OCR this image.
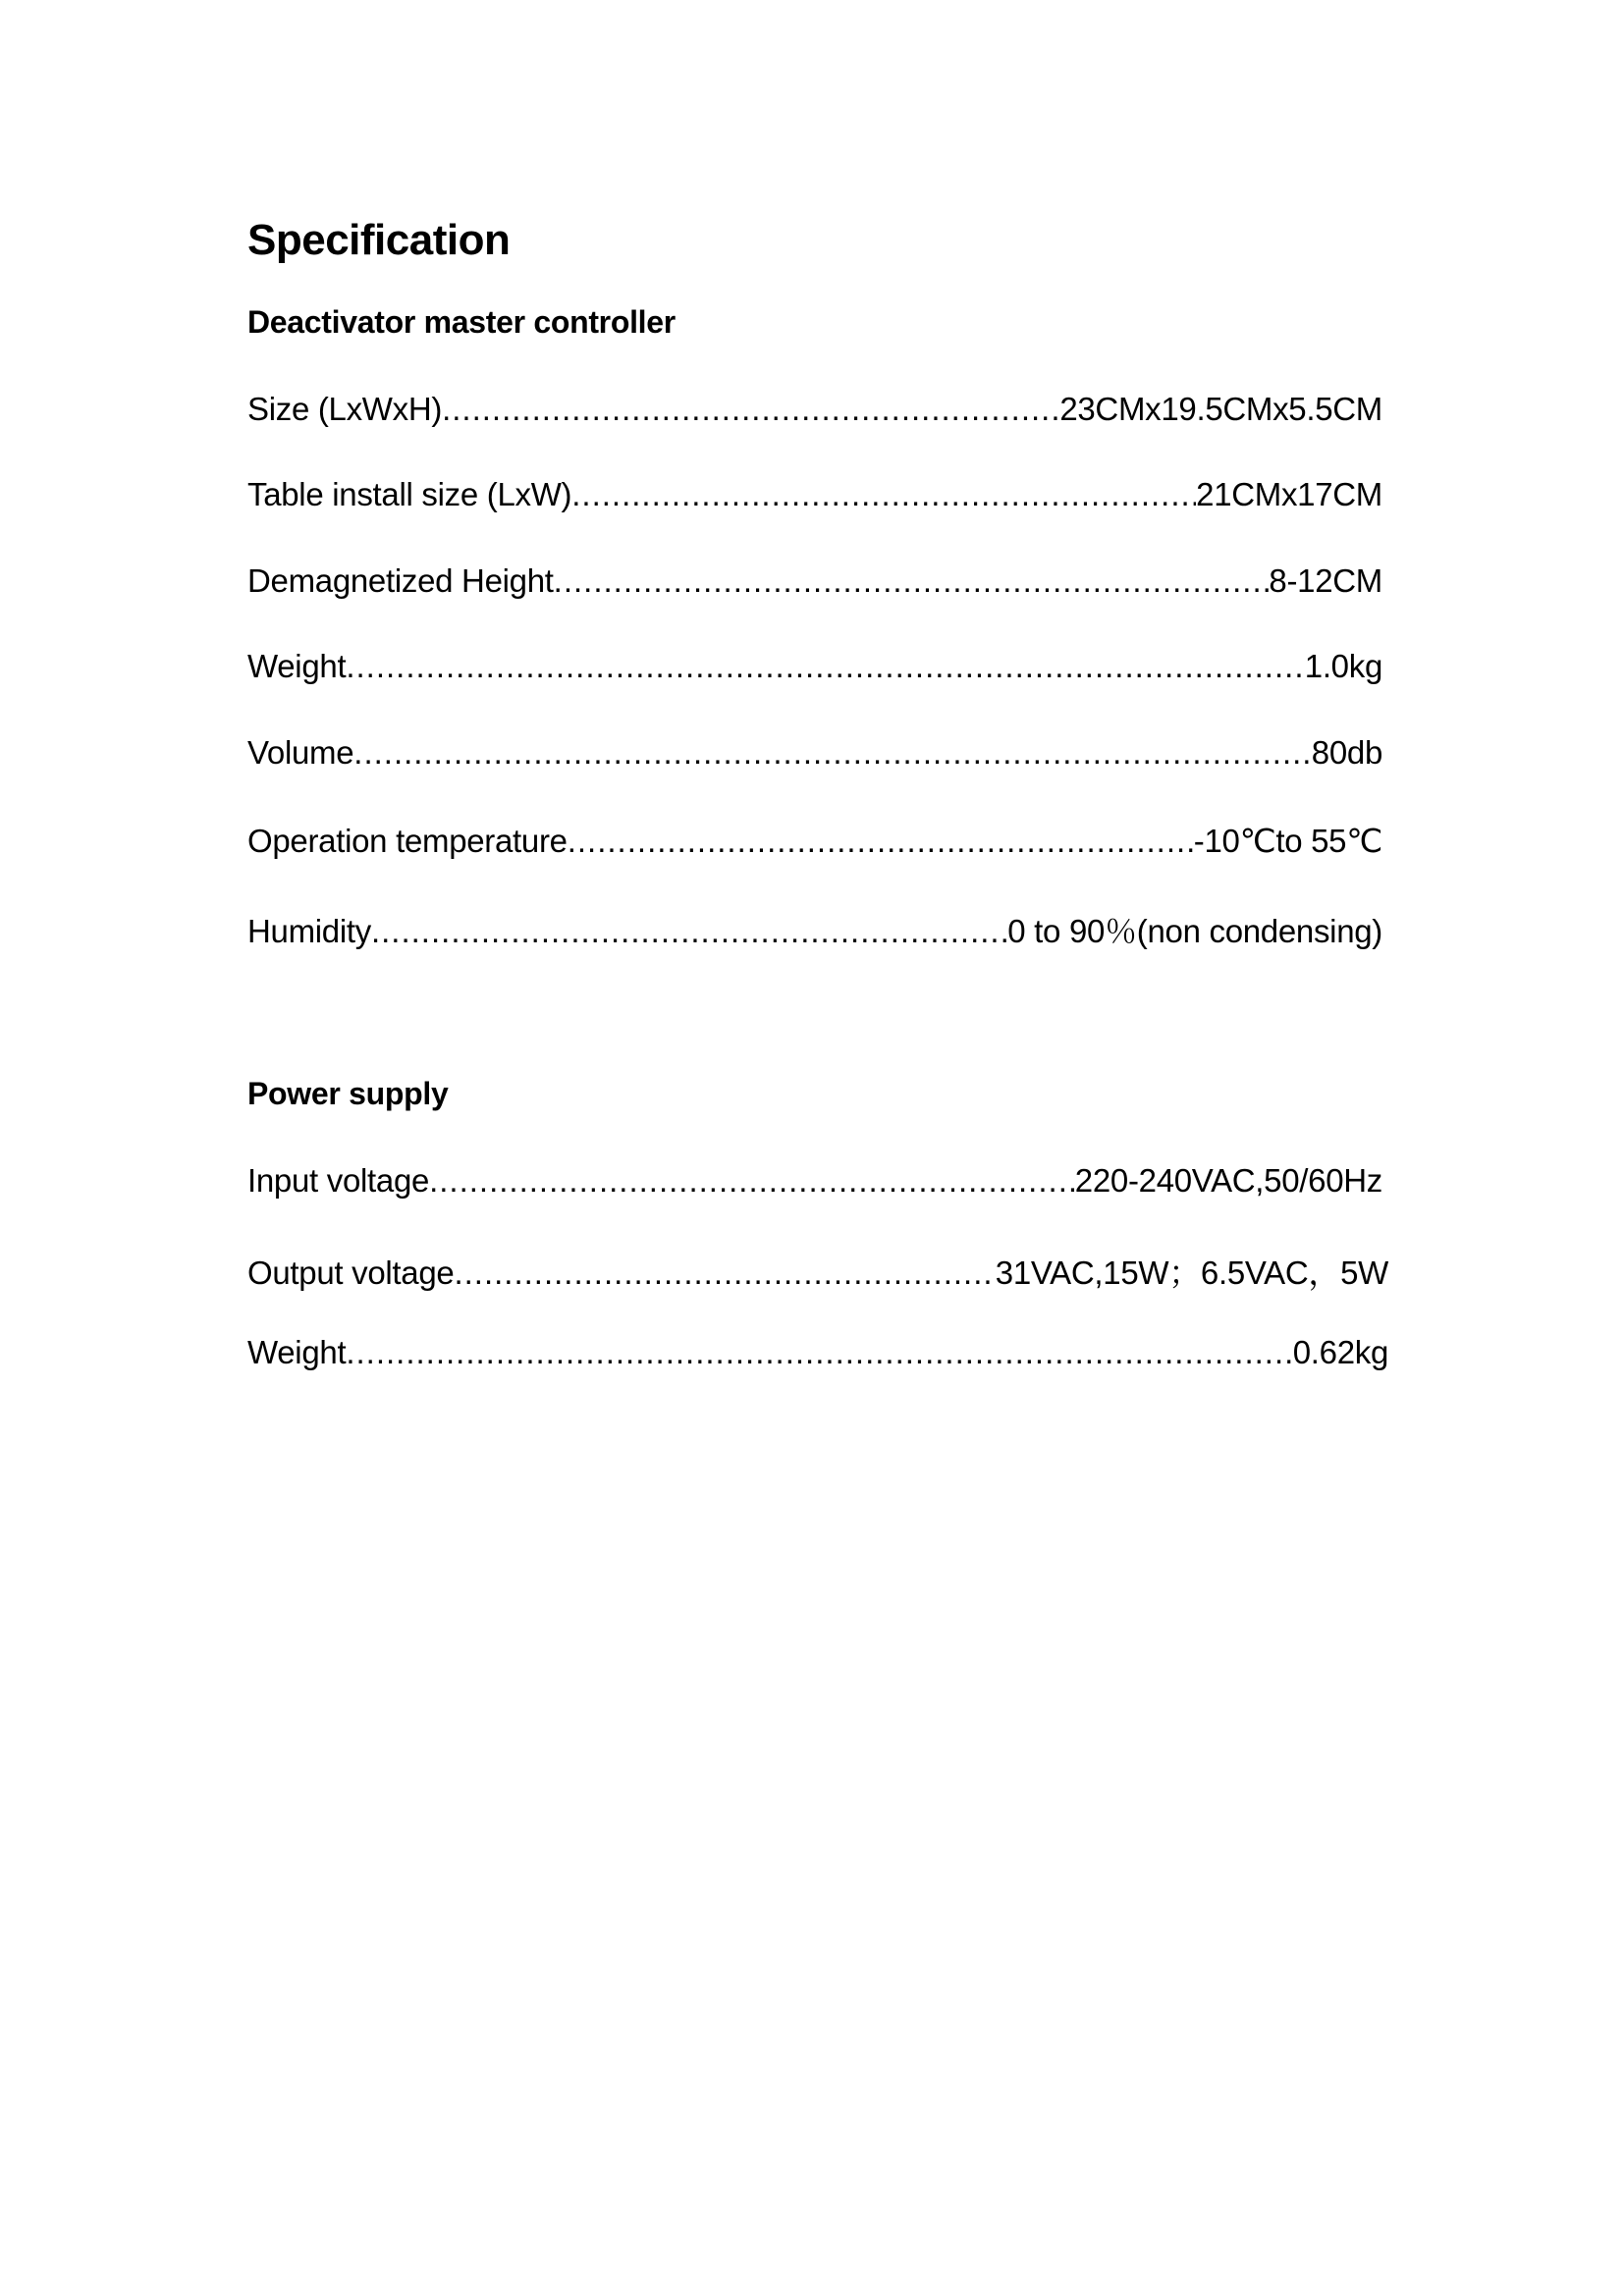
Specification
Deactivator master controller
Size (LxWxH) .....	23CMx19.5CMx5.5CM
Table install size (LxW) .....	21CMx17CM
Demagnetized Height .....	8-12CM
Weight .....	1.0kg
Volume .....	80db
Operation temperature .....	-10℃to 55℃
Humidity .....	0 to 90％(non condensing)
Power supply
Input voltage .....	220-240VAC,50/60Hz
Output voltage .....	31VAC,15W；6.5VAC，5W
Weight .....	0.62kg
